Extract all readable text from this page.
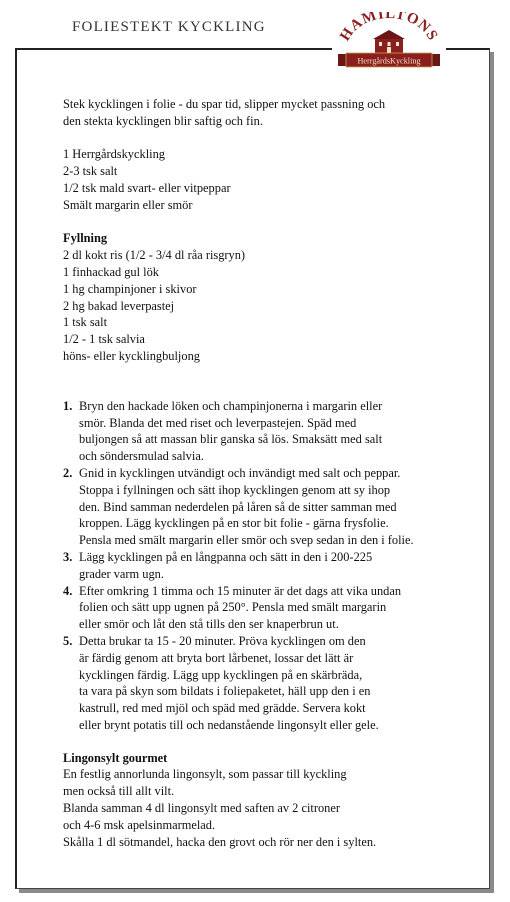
FOLIESTEKT KYCKLING	HAMILTONS
HerrgårdsKyckling

Stek kycklingen i folie - du spar tid, slipper mycket passning och

den stekta kycklingen blir saftig och fin.

1 Herrgårdskyckling

2-3 tsk salt

1/2 tsk mald svart- eller vitpeppar

Smält margarin eller smör

Fyllning

2 dl kokt ris (1/2 - 3/4 dl råa risgryn)

1 finhackad gul lök

1 hg champinjoner i skivor

2 hg bakad leverpastej

1 tsk salt

1/2 - 1 tsk salvia

höns- eller kycklingbuljong

1. Bryn den hackade löken och champinjonerna i margarin eller

smör. Blanda det med riset och leverpastejen. Späd med

buljongen så att massan blir ganska så lös. Smaksätt med salt

och söndersmulad salvia.

2. Gnid in kycklingen utvändigt och invändigt med salt och peppar.

Stoppa i fyllningen och sätt ihop kycklingen genom att sy ihop

den. Bind samman nederdelen på låren så de sitter samman med

kroppen. Lägg kycklingen på en stor bit folie - gärna frysfolie.

Pensla med smält margarin eller smör och svep sedan in den i folie.

3. Lägg kycklingen på en långpanna och sätt in den i 200-225

grader varm ugn.

4. Efter omkring 1 timma och 15 minuter är det dags att vika undan

folien och sätt upp ugnen på 250°. Pensla med smält margarin

eller smör och låt den stå tills den ser knaperbrun ut.

5. Detta brukar ta 15 - 20 minuter. Pröva kycklingen om den

är färdig genom att bryta bort lårbenet, lossar det lätt är

kycklingen färdig. Lägg upp kycklingen på en skärbräda,

ta vara på skyn som bildats i foliepaketet, häll upp den i en

kastrull, red med mjöl och späd med grädde. Servera kokt

eller brynt potatis till och nedanstående lingonsylt eller gele.

Lingonsylt gourmet

En festlig annorlunda lingonsylt, som passar till kyckling

men också till allt vilt.

Blanda samman 4 dl lingonsylt med saften av 2 citroner

och 4-6 msk apelsinmarmelad.

Skålla 1 dl sötmandel, hacka den grovt och rör ner den i sylten.
